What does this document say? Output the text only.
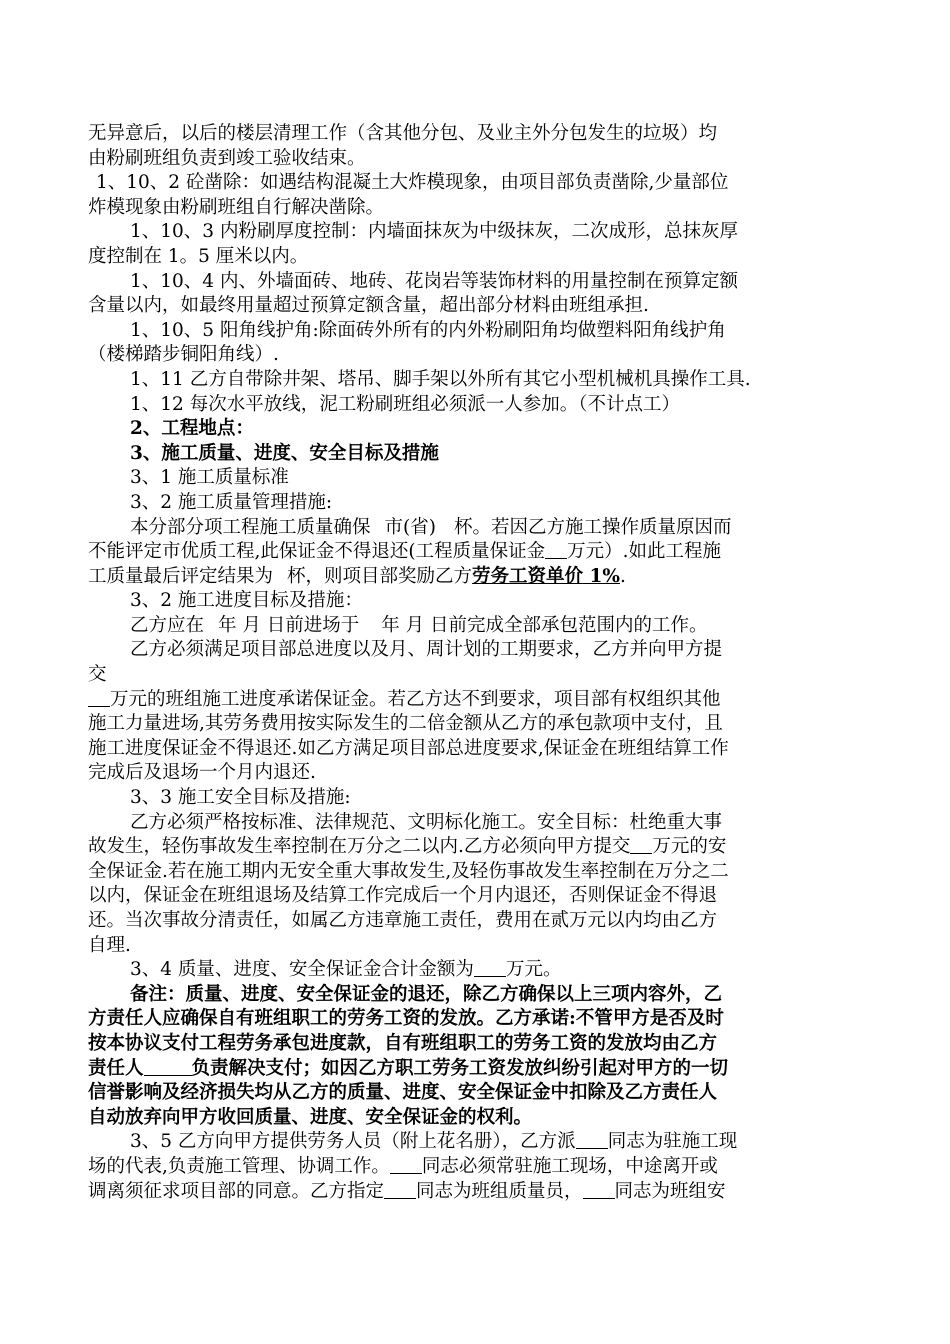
无异意后，以后的楼层清理工作（含其他分包、及业主外分包发生的垃圾）均
由粉刷班组负责到竣工验收结束。
1、10、2 砼凿除：如遇结构混凝土大炸模现象，由项目部负责凿除,少量部位
炸模现象由粉刷班组自行解决凿除。
1、10、3 内粉刷厚度控制：内墙面抹灰为中级抹灰，二次成形，总抹灰厚
度控制在 1。5 厘米以内。
1、10、4 内、外墙面砖、地砖、花岗岩等装饰材料的用量控制在预算定额
含量以内，如最终用量超过预算定额含量，超出部分材料由班组承担.
1、10、5 阳角线护角:除面砖外所有的内外粉刷阳角均做塑料阳角线护角
（楼梯踏步铜阳角线）.
1、11 乙方自带除井架、塔吊、脚手架以外所有其它小型机械机具操作工具.
1、12 每次水平放线，泥工粉刷班组必须派一人参加。（不计点工）
2、工程地点：
3、施工质量、进度、安全目标及措施
3、1 施工质量标准
3、2 施工质量管理措施:
本分部分项工程施工质量确保 市(省) 杯。若因乙方施工操作质量原因而
不能评定市优质工程,此保证金不得退还(工程质量保证金 万元）.如此工程施
工质量最后评定结果为 杯，则项目部奖励乙方劳务工资单价 1%.
3、2 施工进度目标及措施：
乙方应在 年 月 日前进场于 年 月 日前完成全部承包范围内的工作。
乙方必须满足项目部总进度以及月、周计划的工期要求，乙方并向甲方提
交
万元的班组施工进度承诺保证金。若乙方达不到要求，项目部有权组织其他
施工力量进场,其劳务费用按实际发生的二倍金额从乙方的承包款项中支付，且
施工进度保证金不得退还.如乙方满足项目部总进度要求,保证金在班组结算工作
完成后及退场一个月内退还.
3、3 施工安全目标及措施:
乙方必须严格按标准、法律规范、文明标化施工。安全目标：杜绝重大事
故发生，轻伤事故发生率控制在万分之二以内.乙方必须向甲方提交 万元的安
全保证金.若在施工期内无安全重大事故发生,及轻伤事故发生率控制在万分之二
以内，保证金在班组退场及结算工作完成后一个月内退还，否则保证金不得退
还。当次事故分清责任，如属乙方违章施工责任，费用在贰万元以内均由乙方
自理.
3、4 质量、进度、安全保证金合计金额为 万元。
备注：质量、进度、安全保证金的退还，除乙方确保以上三项内容外，乙
方责任人应确保自有班组职工的劳务工资的发放。乙方承诺:不管甲方是否及时
按本协议支付工程劳务承包进度款，自有班组职工的劳务工资的发放均由乙方
责任人	负责解决支付；如因乙方职工劳务工资发放纠纷引起对甲方的一切
信誉影响及经济损失均从乙方的质量、进度、安全保证金中扣除及乙方责任人
自动放弃向甲方收回质量、进度、安全保证金的权利。
3、5 乙方向甲方提供劳务人员（附上花名册），乙方派 同志为驻施工现
场的代表,负责施工管理、协调工作。 同志必须常驻施工现场，中途离开或
调离须征求项目部的同意。乙方指定 同志为班组质量员， 同志为班组安
